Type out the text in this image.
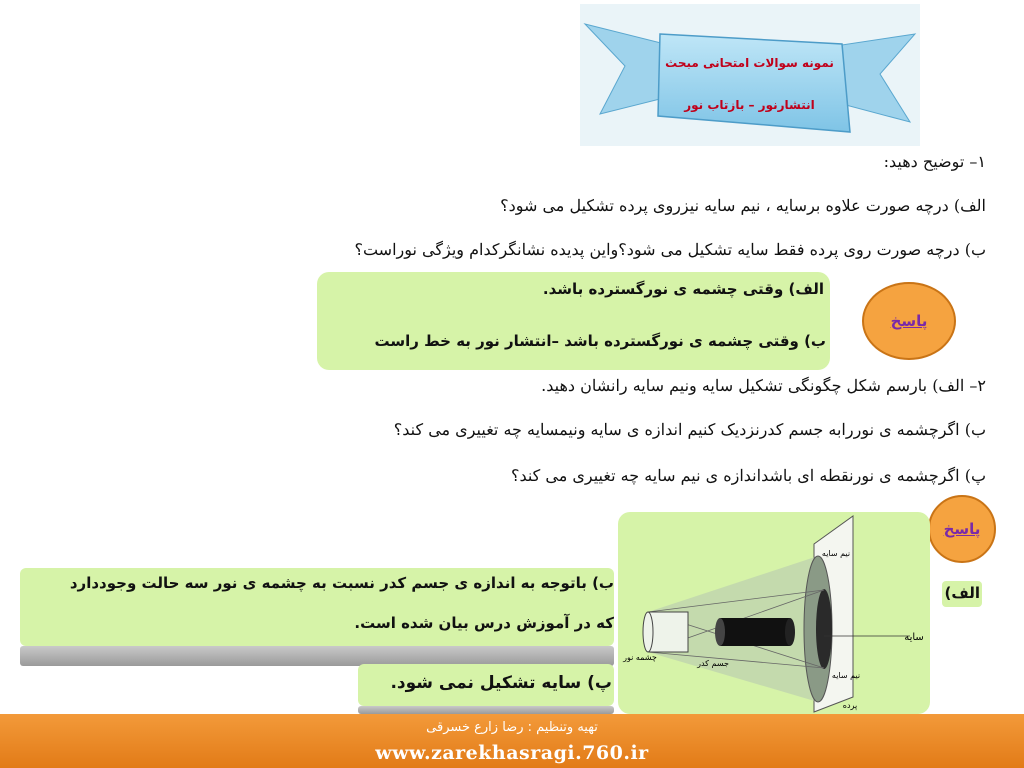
نمونه سوالات امتحانی مبحث
انتشارنور – بازتاب نور
۱– توضیح دهید:
الف) درچه صورت علاوه برسایه ، نیم سایه نیزروی پرده تشکیل می شود؟
ب) درچه صورت روی پرده فقط سایه تشکیل می شود؟واین پدیده نشانگرکدام ویژگی نوراست؟
الف) وقتی چشمه ی نورگسترده باشد.
ب) وقتی چشمه ی نورگسترده باشد –انتشار نور به خط راست
پاسخ
۲– الف) بارسم شکل چگونگی تشکیل سایه ونیم سایه رانشان دهید.
ب) اگرچشمه ی نوررابه جسم کدرنزدیک کنیم اندازه ی سایه ونیمسایه چه تغییری می کند؟
پ) اگرچشمه ی نورنقطه ای باشداندازه ی نیم سایه چه تغییری می کند؟
پاسخ
نیم سایه
نیم سایه
سایه
چشمه نور
جسم کدر
پرده
الف)
ب) باتوجه به اندازه ی جسم کدر نسبت به چشمه ی نور سه حالت وجوددارد
که در آموزش درس بیان شده است.
پ) سایه تشکیل نمی شود.
تهیه وتنظیم : رضا زارع خسرقی
www.zarekhasragi.760.ir
